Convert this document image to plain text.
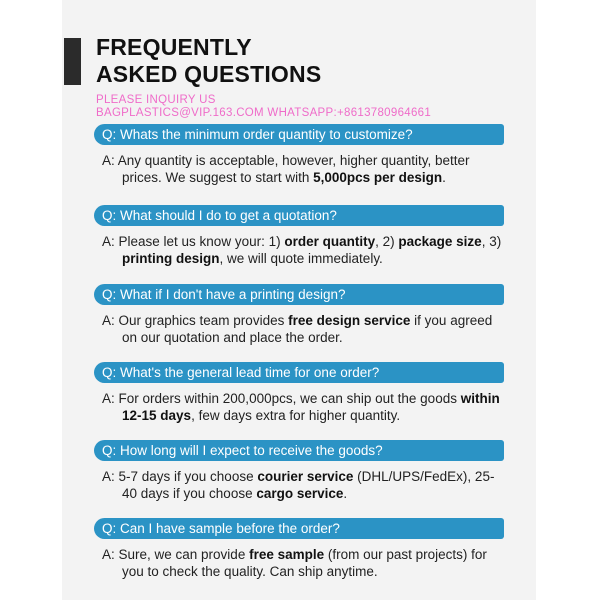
FREQUENTLY
ASKED QUESTIONS
PLEASE INQUIRY US
BAGPLASTICS@VIP.163.COM WHATSAPP:+8613780964661
Q: Whats the minimum order quantity to customize?
A: Any quantity is acceptable, however, higher quantity, better prices. We suggest to start with 5,000pcs per design.
Q: What should I do to get a quotation?
A: Please let us know your: 1) order quantity, 2) package size, 3) printing design, we will quote immediately.
Q: What if I don't have a printing design?
A: Our graphics team provides free design service if you agreed on our quotation and place the order.
Q: What's the general lead time for one order?
A: For orders within 200,000pcs, we can ship out the goods within 12-15 days, few days extra for higher quantity.
Q: How long will I expect to receive the goods?
A: 5-7 days if you choose courier service (DHL/UPS/FedEx), 25-40 days if you choose cargo service.
Q: Can I have sample before the order?
A: Sure, we can provide free sample (from our past projects) for you to check the quality. Can ship anytime.
